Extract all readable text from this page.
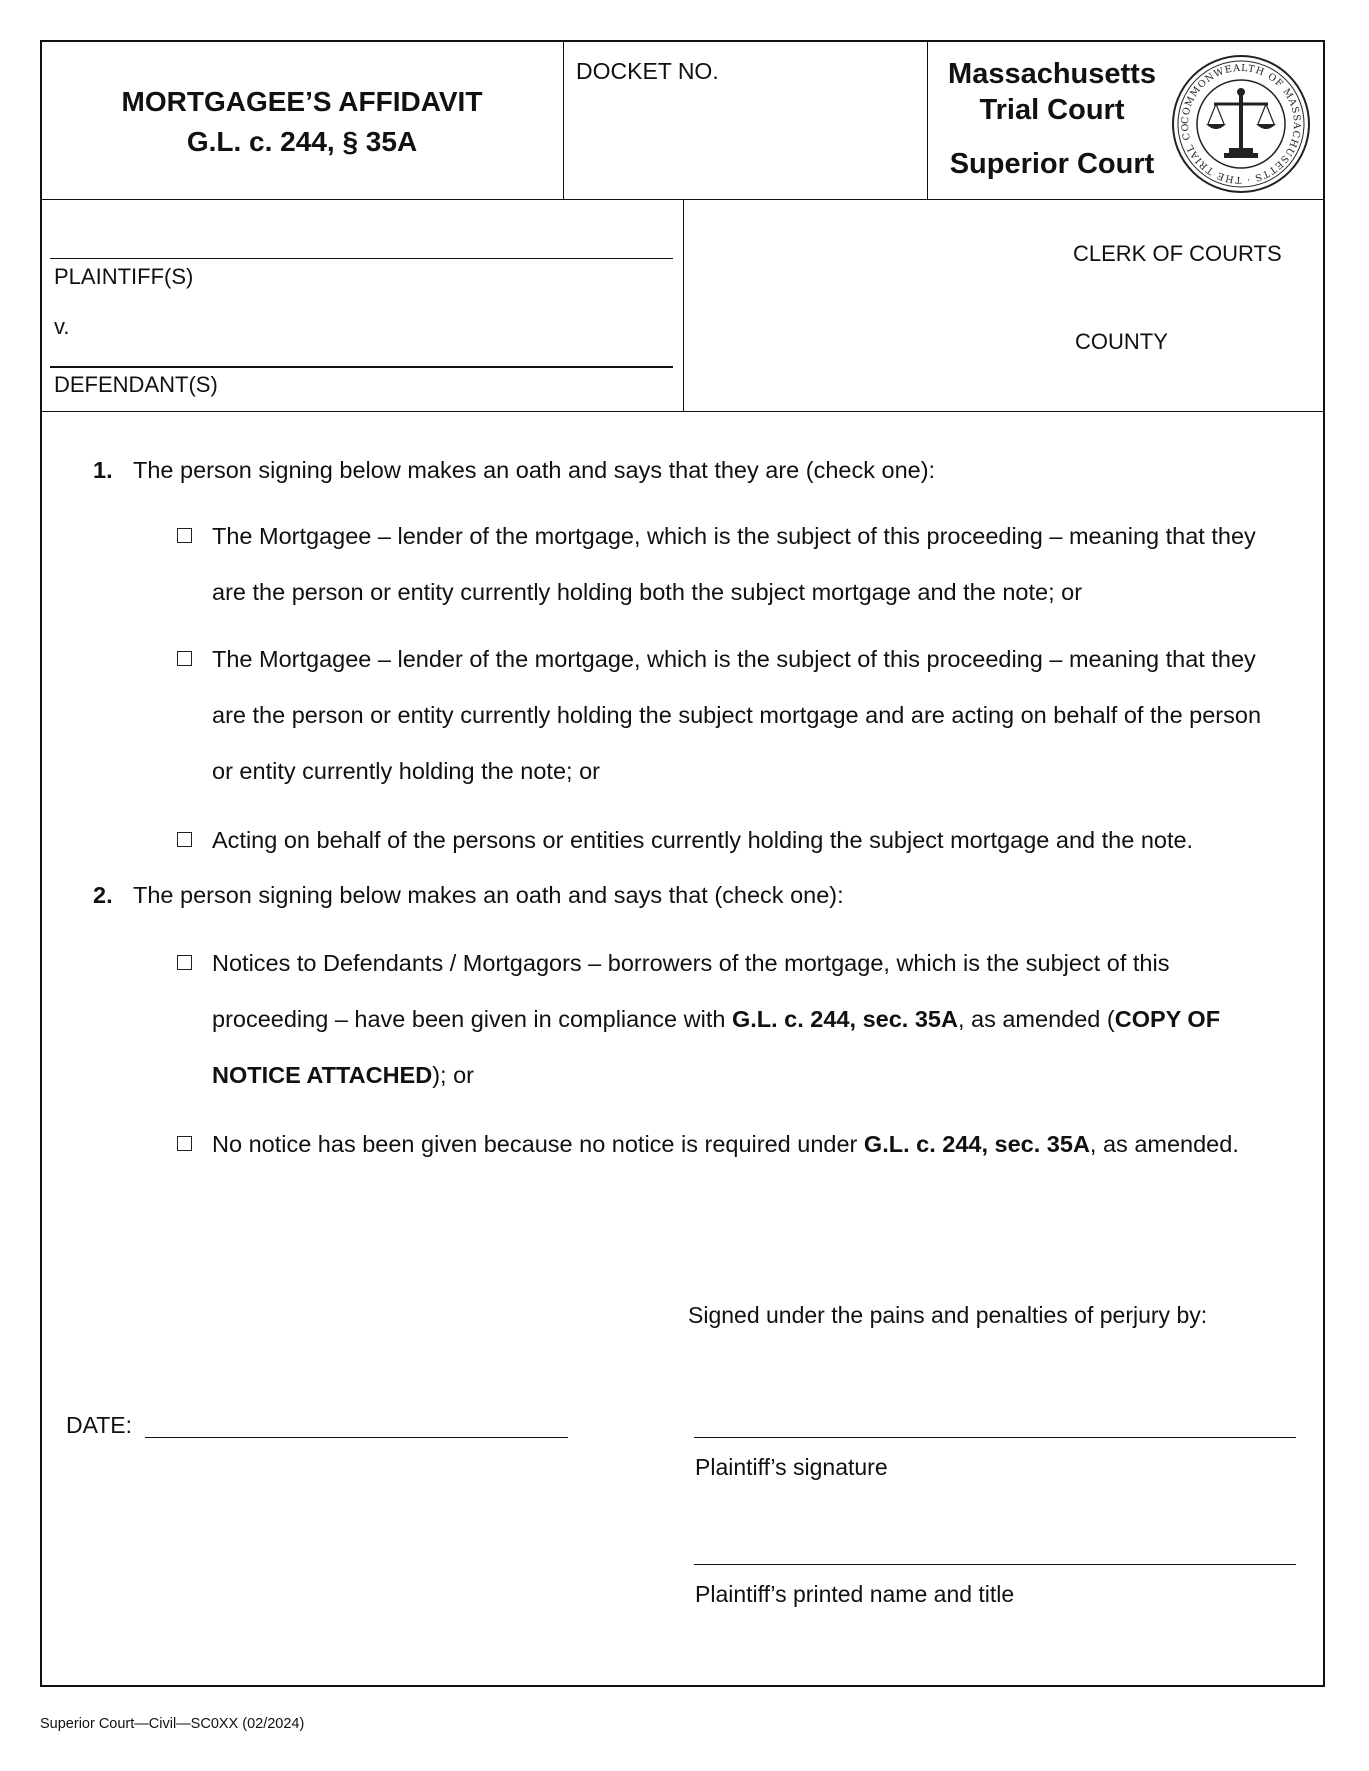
MORTGAGEE’S AFFIDAVIT
G.L. c. 244, § 35A
DOCKET NO.	Massachusetts
Trial Court
Superior Court
COMMONWEALTH OF MASSACHUSETTS · THE TRIAL CO
PLAINTIFF(S)
v.
DEFENDANT(S)
CLERK OF COURTS
COUNTY
1. The person signing below makes an oath and says that they are (check one):
The Mortgagee – lender of the mortgage, which is the subject of this proceeding – meaning that they
are the person or entity currently holding both the subject mortgage and the note; or
The Mortgagee – lender of the mortgage, which is the subject of this proceeding – meaning that they
are the person or entity currently holding the subject mortgage and are acting on behalf of the person
or entity currently holding the note; or
Acting on behalf of the persons or entities currently holding the subject mortgage and the note.
2. The person signing below makes an oath and says that (check one):
Notices to Defendants / Mortgagors – borrowers of the mortgage, which is the subject of this
proceeding – have been given in compliance with G.L. c. 244, sec. 35A, as amended (COPY OF
NOTICE ATTACHED); or
No notice has been given because no notice is required under G.L. c. 244, sec. 35A, as amended.
Signed under the pains and penalties of perjury by:
DATE:
Plaintiff’s signature
Plaintiff’s printed name and title
Superior Court—Civil—SC0XX (02/2024)
